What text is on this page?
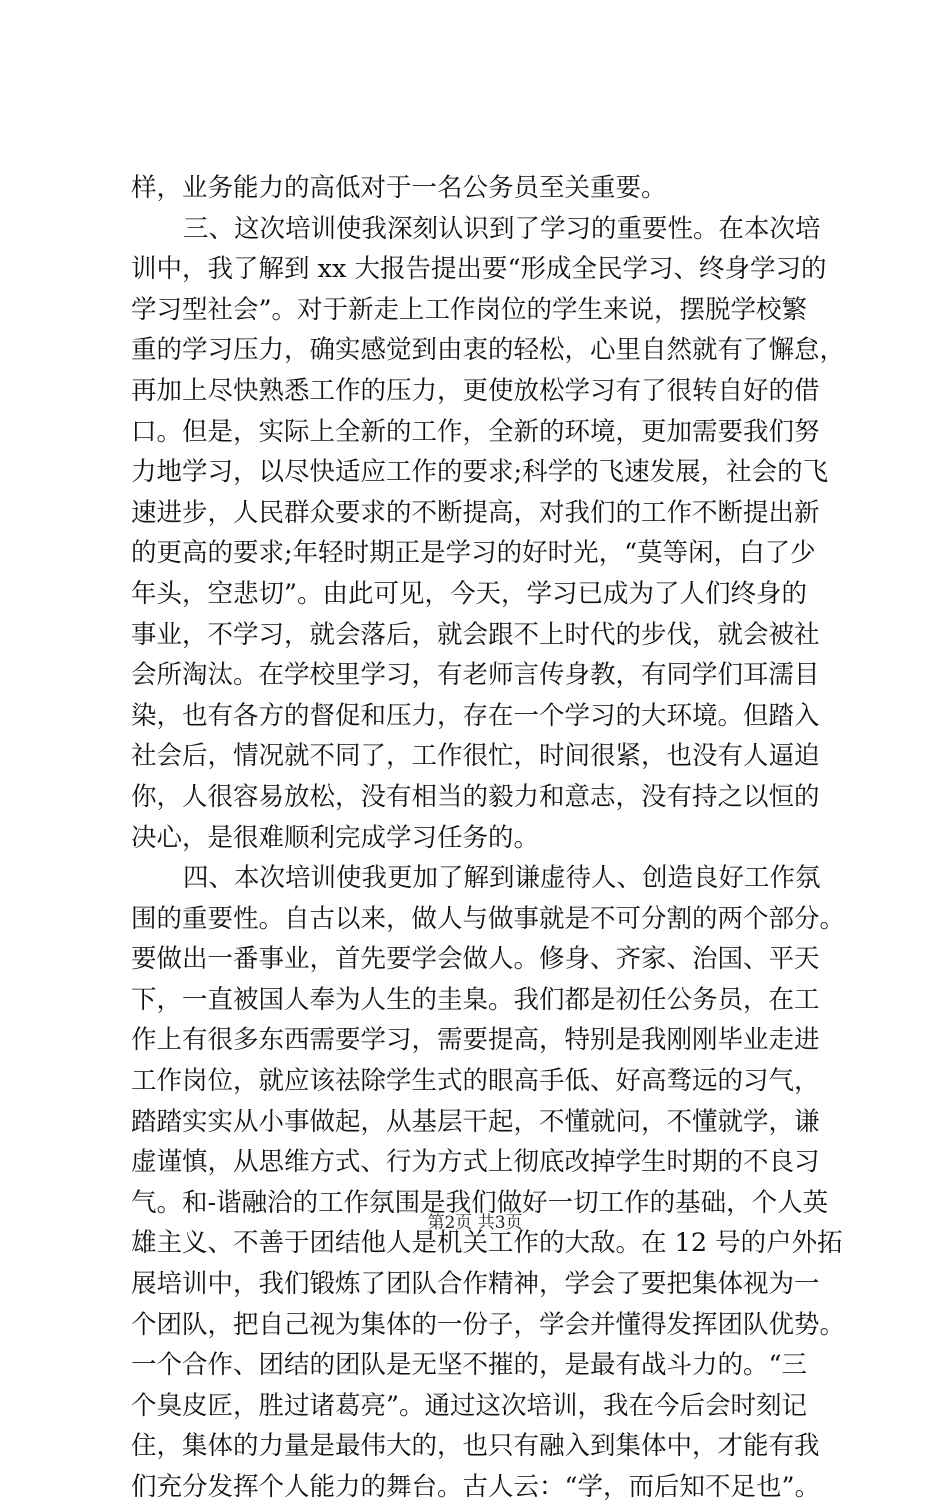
样，业务能力的高低对于一名公务员至关重要。
三、这次培训使我深刻认识到了学习的重要性。在本次培
训中，我了解到 xx 大报告提出要“形成全民学习、终身学习的
学习型社会”。对于新走上工作岗位的学生来说，摆脱学校繁
重的学习压力，确实感觉到由衷的轻松，心里自然就有了懈怠，
再加上尽快熟悉工作的压力，更使放松学习有了很转自好的借
口。但是，实际上全新的工作，全新的环境，更加需要我们努
力地学习，以尽快适应工作的要求;科学的飞速发展，社会的飞
速进步，人民群众要求的不断提高，对我们的工作不断提出新
的更高的要求;年轻时期正是学习的好时光，“莫等闲，白了少
年头，空悲切”。由此可见，今天，学习已成为了人们终身的
事业，不学习，就会落后，就会跟不上时代的步伐，就会被社
会所淘汰。在学校里学习，有老师言传身教，有同学们耳濡目
染，也有各方的督促和压力，存在一个学习的大环境。但踏入
社会后，情况就不同了，工作很忙，时间很紧，也没有人逼迫
你，人很容易放松，没有相当的毅力和意志，没有持之以恒的
决心，是很难顺利完成学习任务的。
四、本次培训使我更加了解到谦虚待人、创造良好工作氛
围的重要性。自古以来，做人与做事就是不可分割的两个部分。
要做出一番事业，首先要学会做人。修身、齐家、治国、平天
下，一直被国人奉为人生的圭臬。我们都是初任公务员，在工
作上有很多东西需要学习，需要提高，特别是我刚刚毕业走进
工作岗位，就应该祛除学生式的眼高手低、好高骛远的习气，
踏踏实实从小事做起，从基层干起，不懂就问，不懂就学，谦
虚谨慎，从思维方式、行为方式上彻底改掉学生时期的不良习
气。和-谐融洽的工作氛围是我们做好一切工作的基础，个人英
雄主义、不善于团结他人是机关工作的大敌。在 12 号的户外拓
展培训中，我们锻炼了团队合作精神，学会了要把集体视为一
个团队，把自己视为集体的一份子，学会并懂得发挥团队优势。
一个合作、团结的团队是无坚不摧的，是最有战斗力的。“三
个臭皮匠，胜过诸葛亮”。通过这次培训，我在今后会时刻记
住，集体的力量是最伟大的，也只有融入到集体中，才能有我
们充分发挥个人能力的舞台。古人云：“学，而后知不足也”。
第2页 共3页
